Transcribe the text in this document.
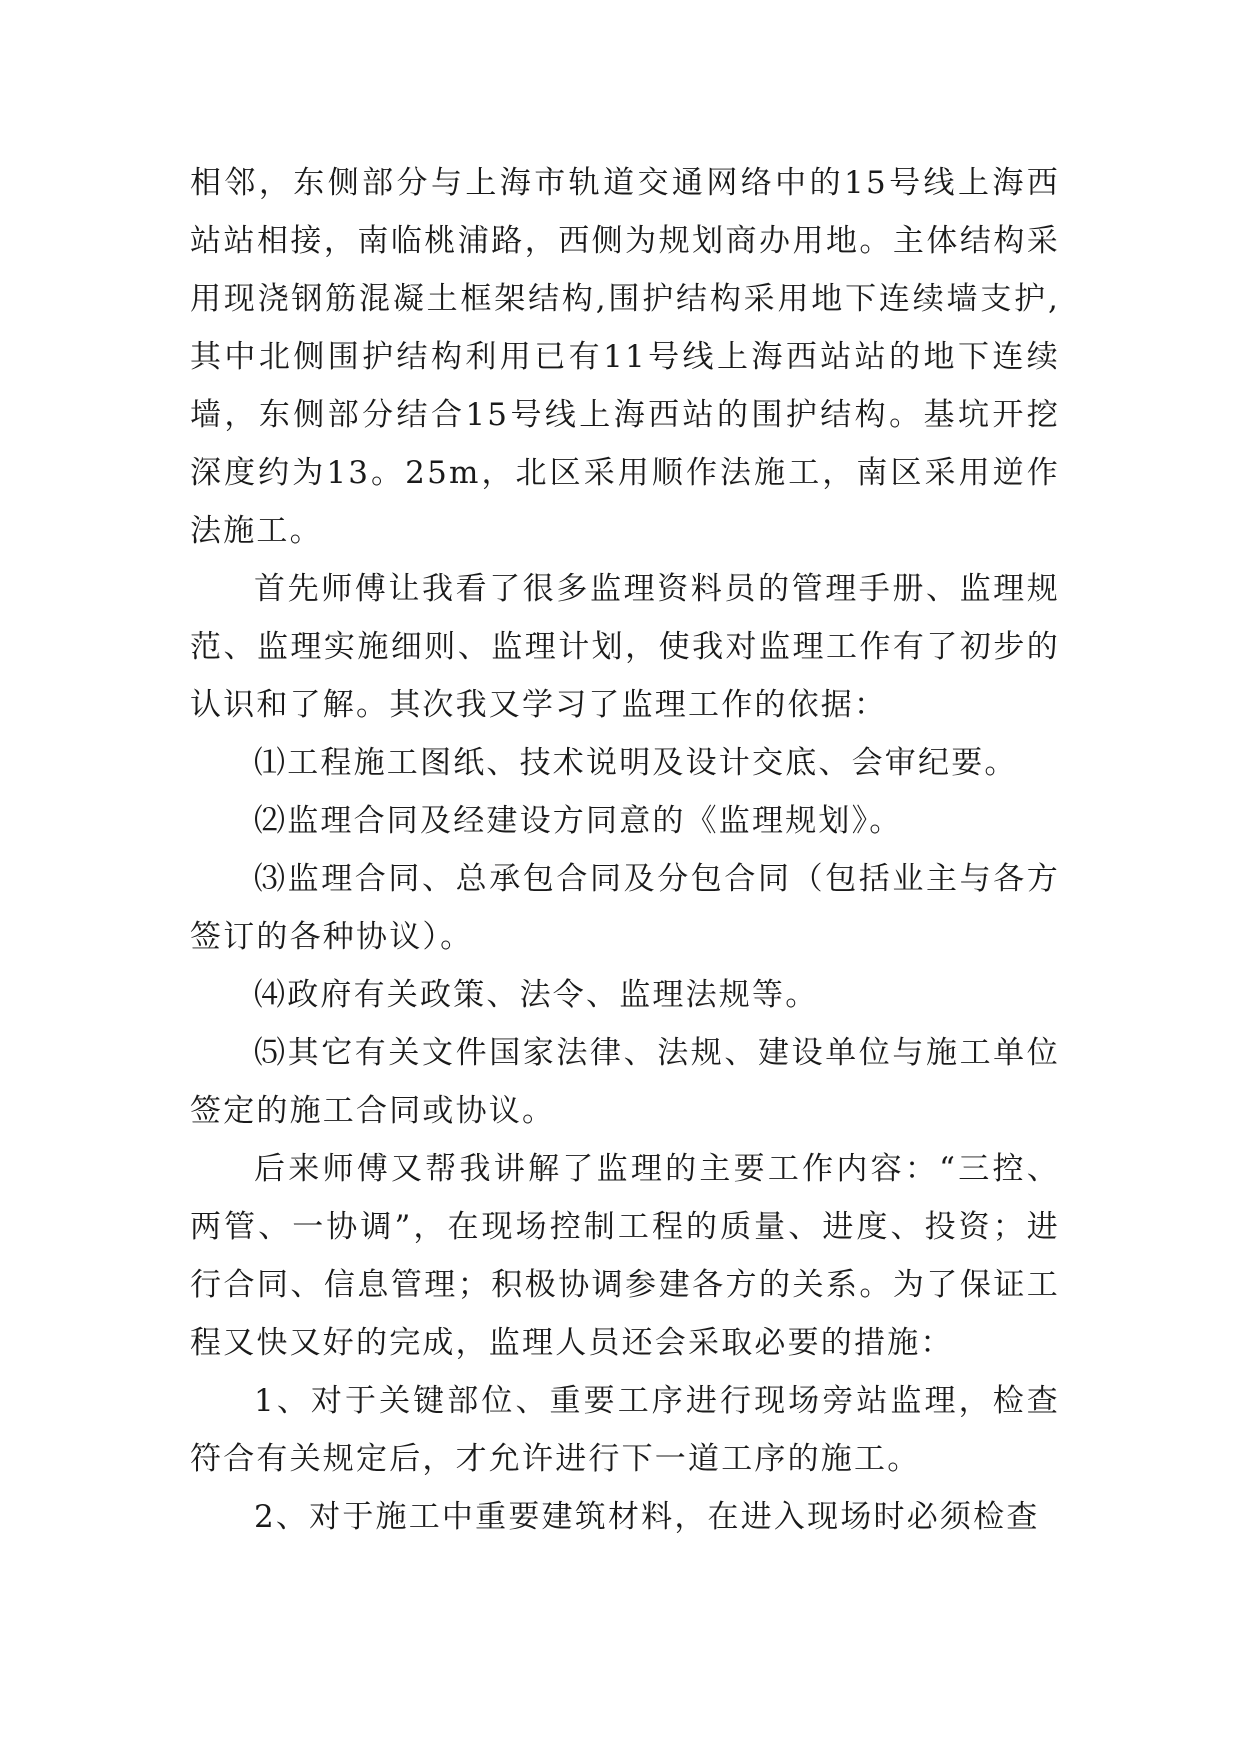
相邻，东侧部分与上海市轨道交通网络中的15号线上海西站站相接，南临桃浦路，西侧为规划商办用地。主体结构采用现浇钢筋混凝土框架结构,围护结构采用地下连续墙支护,其中北侧围护结构利用已有11号线上海西站站的地下连续墙，东侧部分结合15号线上海西站的围护结构。基坑开挖深度约为13。25m，北区采用顺作法施工，南区采用逆作法施工。

首先师傅让我看了很多监理资料员的管理手册、监理规范、监理实施细则、监理计划，使我对监理工作有了初步的认识和了解。其次我又学习了监理工作的依据：

⑴工程施工图纸、技术说明及设计交底、会审纪要。

⑵监理合同及经建设方同意的《监理规划》。

⑶监理合同、总承包合同及分包合同（包括业主与各方签订的各种协议）。

⑷政府有关政策、法令、监理法规等。

⑸其它有关文件国家法律、法规、建设单位与施工单位签定的施工合同或协议。

后来师傅又帮我讲解了监理的主要工作内容：“三控、两管、一协调”，在现场控制工程的质量、进度、投资；进行合同、信息管理；积极协调参建各方的关系。为了保证工程又快又好的完成，监理人员还会采取必要的措施：

1、对于关键部位、重要工序进行现场旁站监理，检查符合有关规定后，才允许进行下一道工序的施工。

2、对于施工中重要建筑材料，在进入现场时必须检查
